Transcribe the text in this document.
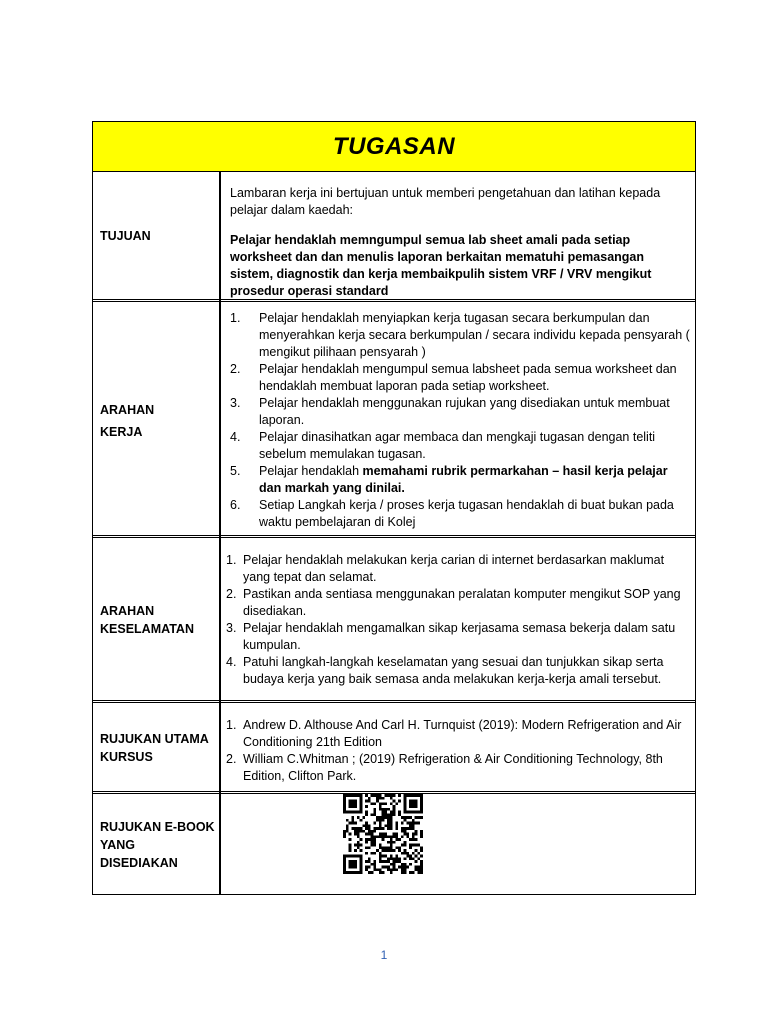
TUGASAN
TUJUAN

Lambaran kerja ini bertujuan untuk memberi pengetahuan dan latihan kepada pelajar dalam kaedah:

Pelajar hendaklah memngumpul semua lab sheet amali pada setiap worksheet dan dan menulis laporan berkaitan mematuhi pemasangan sistem, diagnostik dan kerja membaikpulih sistem VRF / VRV mengikut prosedur operasi standard

ARAHAN
KERJA
1. Pelajar hendaklah menyiapkan kerja tugasan secara berkumpulan dan menyerahkan kerja secara berkumpulan / secara individu kepada pensyarah ( mengikut pilihaan pensyarah )
2. Pelajar hendaklah mengumpul semua labsheet pada semua worksheet dan hendaklah membuat laporan pada setiap worksheet.
3. Pelajar hendaklah menggunakan rujukan yang disediakan untuk membuat laporan.
4. Pelajar dinasihatkan agar membaca dan mengkaji tugasan dengan teliti sebelum memulakan tugasan.
5. Pelajar hendaklah memahami rubrik permarkahan – hasil kerja pelajar dan markah yang dinilai.
6. Setiap Langkah kerja / proses kerja tugasan hendaklah di buat bukan pada waktu pembelajaran di Kolej
ARAHAN
KESELAMATAN
1. Pelajar hendaklah melakukan kerja carian di internet berdasarkan maklumat yang tepat dan selamat.
2. Pastikan anda sentiasa menggunakan peralatan komputer mengikut SOP yang disediakan.
3. Pelajar hendaklah mengamalkan sikap kerjasama semasa bekerja dalam satu kumpulan.
4. Patuhi langkah-langkah keselamatan yang sesuai dan tunjukkan sikap serta budaya kerja yang baik semasa anda melakukan kerja-kerja amali tersebut.
RUJUKAN UTAMA
KURSUS
1. Andrew D. Althouse And Carl H. Turnquist (2019): Modern Refrigeration and Air Conditioning 21th Edition
2. William C.Whitman ; (2019) Refrigeration & Air Conditioning Technology, 8th Edition, Clifton Park.
RUJUKAN E-BOOK
YANG
DISEDIAKAN
1
